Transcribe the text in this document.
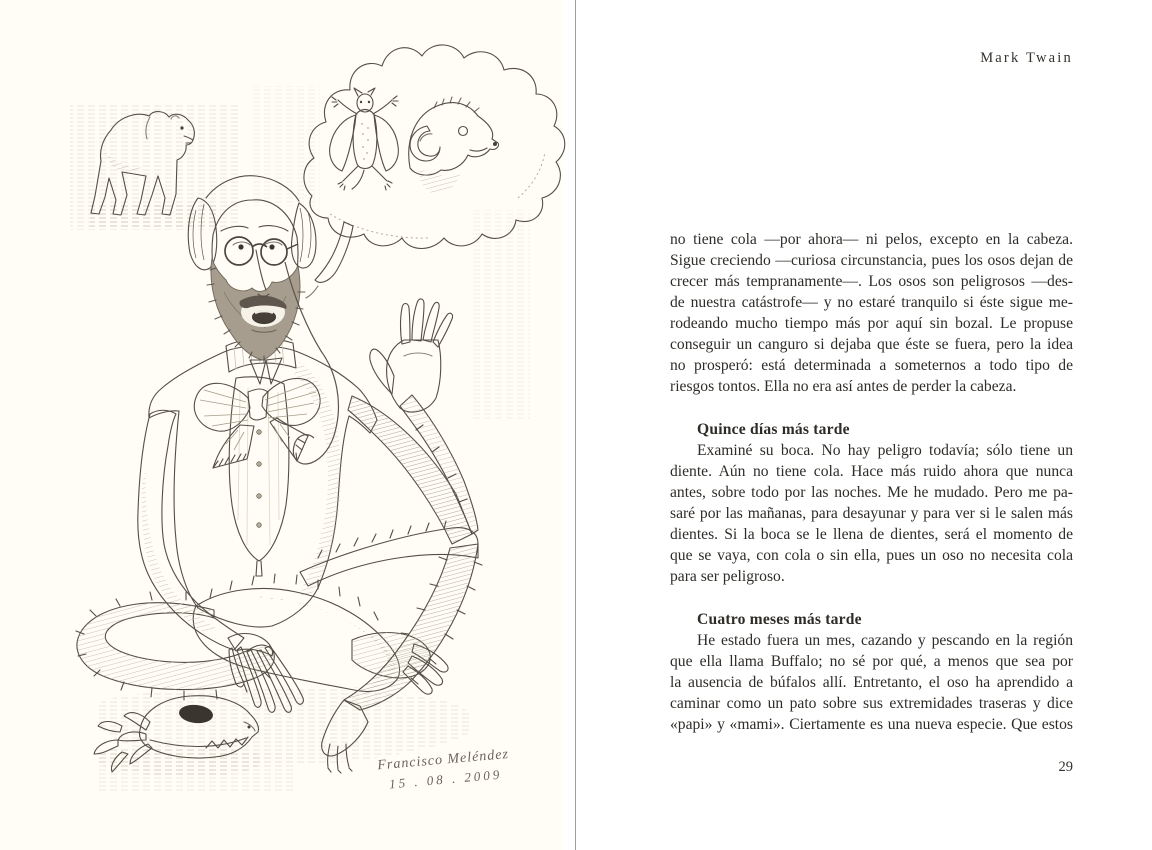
Francisco Meléndez
15 . 08 . 2009
Mark Twain
no tiene cola —por ahora— ni pelos, excepto en la cabeza.
Sigue creciendo —curiosa circunstancia, pues los osos dejan de
crecer más tempranamente—. Los osos son peligrosos —des-
de nuestra catástrofe— y no estaré tranquilo si éste sigue me-
rodeando mucho tiempo más por aquí sin bozal. Le propuse
conseguir un canguro si dejaba que éste se fuera, pero la idea
no prosperó: está determinada a someternos a todo tipo de
riesgos tontos. Ella no era así antes de perder la cabeza.
Quince días más tarde
Examiné su boca. No hay peligro todavía; sólo tiene un
diente. Aún no tiene cola. Hace más ruido ahora que nunca
antes, sobre todo por las noches. Me he mudado. Pero me pa-
saré por las mañanas, para desayunar y para ver si le salen más
dientes. Si la boca se le llena de dientes, será el momento de
que se vaya, con cola o sin ella, pues un oso no necesita cola
para ser peligroso.
Cuatro meses más tarde
He estado fuera un mes, cazando y pescando en la región
que ella llama Buffalo; no sé por qué, a menos que sea por
la ausencia de búfalos allí. Entretanto, el oso ha aprendido a
caminar como un pato sobre sus extremidades traseras y dice
«papi» y «mami». Ciertamente es una nueva especie. Que estos
29
